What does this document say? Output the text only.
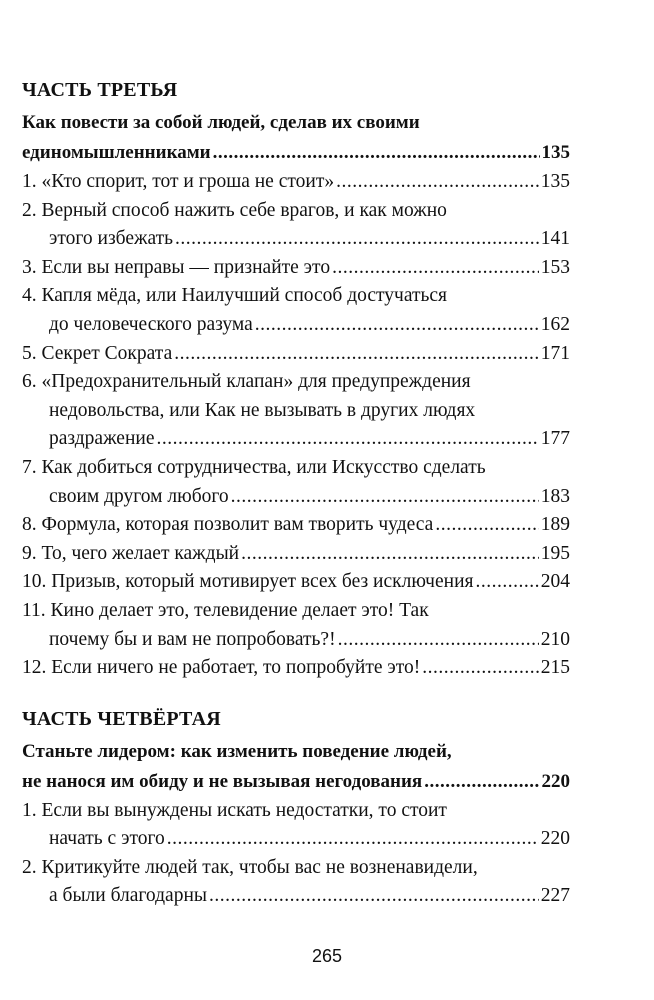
ЧАСТЬ ТРЕТЬЯ
Как повести за собой людей, сделав их своими
единомышленниками .....	135
1. «Кто спорит, тот и гроша не стоит» .....	135
2. Верный способ нажить себе врагов, и как можно
этого избежать .....	141
3. Если вы неправы — признайте это .....	153
4. Капля мёда, или Наилучший способ достучаться
до человеческого разума .....	162
5. Секрет Сократа .....	171
6. «Предохранительный клапан» для предупреждения
недовольства, или Как не вызывать в других людях
раздражение .....	177
7. Как добиться сотрудничества, или Искусство сделать
своим другом любого .....	183
8. Формула, которая позволит вам творить чудеса .....	189
9. То, чего желает каждый .....	195
10. Призыв, который мотивирует всех без исключения .....	204
11. Кино делает это, телевидение делает это! Так
почему бы и вам не попробовать?! .....	210
12. Если ничего не работает, то попробуйте это! .....	215
ЧАСТЬ ЧЕТВЁРТАЯ
Станьте лидером: как изменить поведение людей,
не нанося им обиду и не вызывая негодования .....	220
1. Если вы вынуждены искать недостатки, то стоит
начать с этого .....	220
2. Критикуйте людей так, чтобы вас не возненавидели,
а были благодарны .....	227
265
